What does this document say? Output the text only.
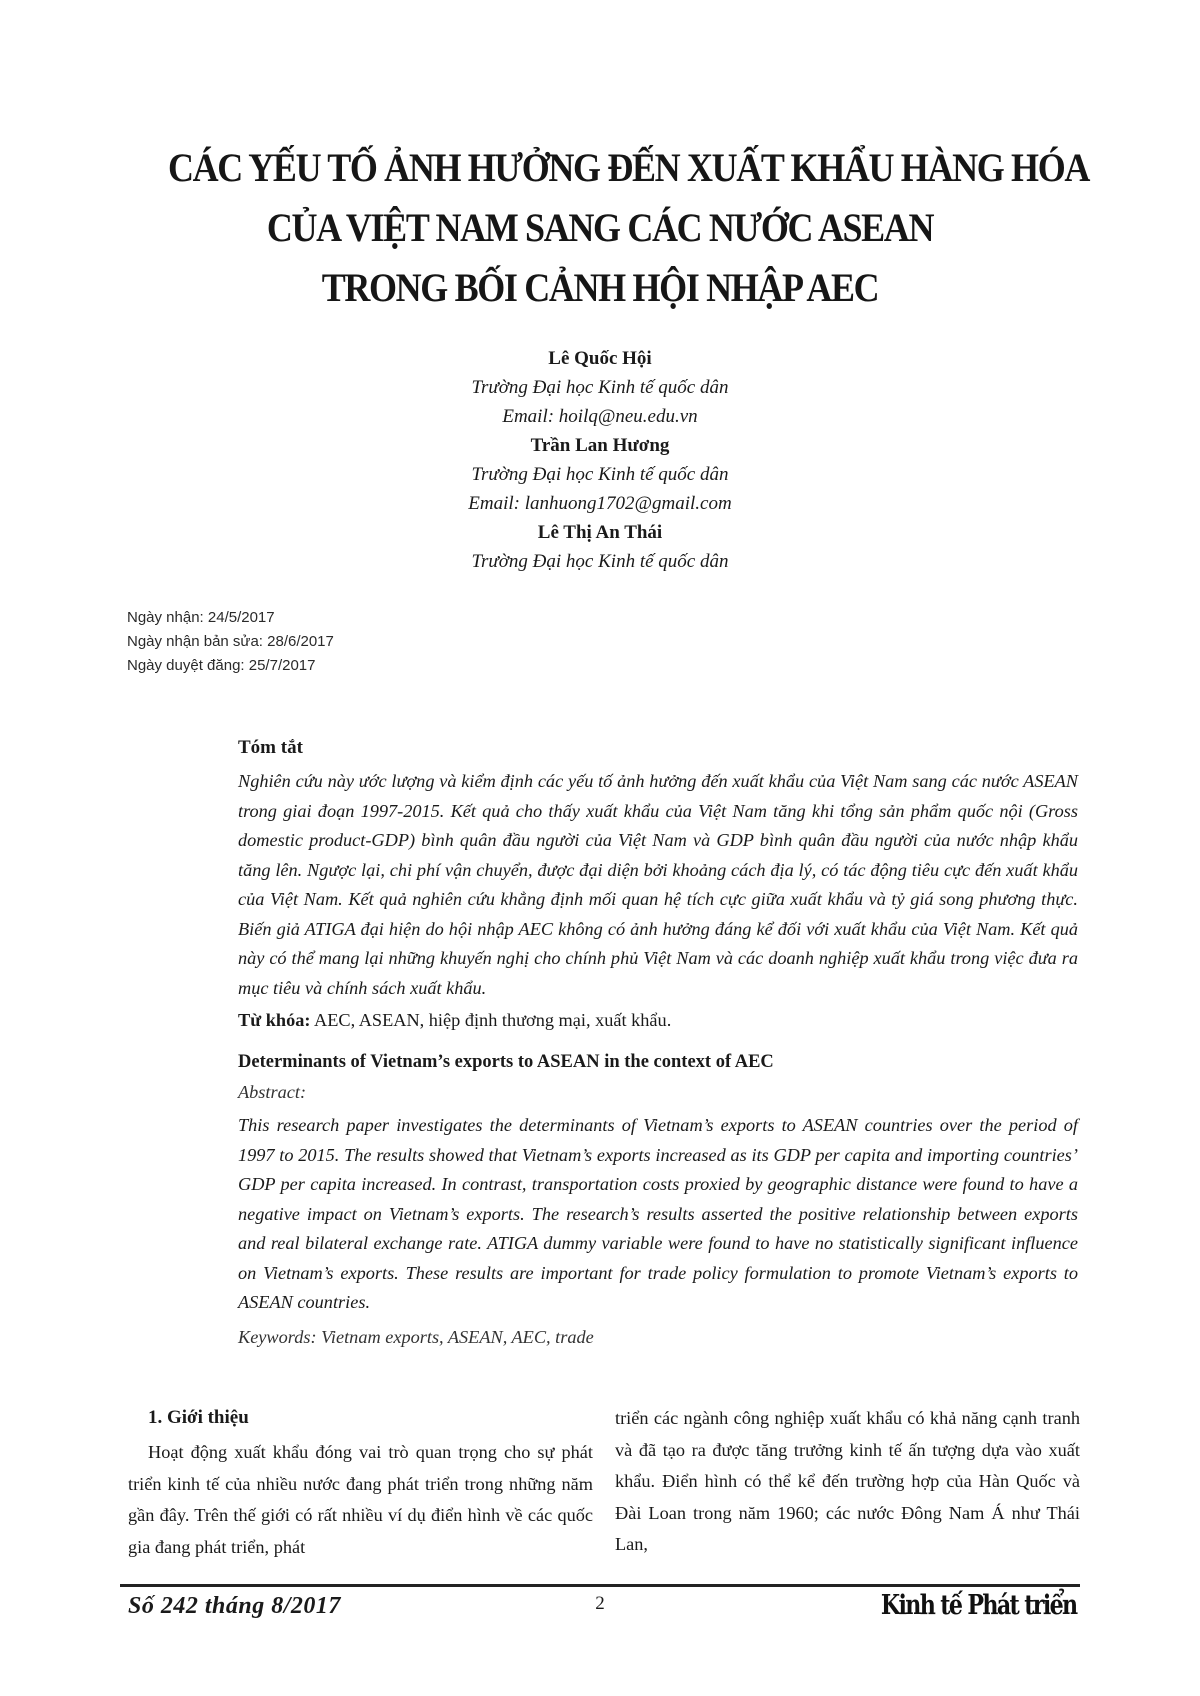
CÁC YẾU TỐ ẢNH HƯỞNG ĐẾN XUẤT KHẨU HÀNG HÓA
CỦA VIỆT NAM SANG CÁC NƯỚC ASEAN
TRONG BỐI CẢNH HỘI NHẬP AEC
Lê Quốc Hội
Trường Đại học Kinh tế quốc dân
Email: hoilq@neu.edu.vn
Trần Lan Hương
Trường Đại học Kinh tế quốc dân
Email: lanhuong1702@gmail.com
Lê Thị An Thái
Trường Đại học Kinh tế quốc dân
Ngày nhận: 24/5/2017
Ngày nhận bản sửa: 28/6/2017
Ngày duyệt đăng: 25/7/2017
Tóm tắt

Nghiên cứu này ước lượng và kiểm định các yếu tố ảnh hưởng đến xuất khẩu của Việt Nam sang các nước ASEAN trong giai đoạn 1997-2015. Kết quả cho thấy xuất khẩu của Việt Nam tăng khi tổng sản phẩm quốc nội (Gross domestic product-GDP) bình quân đầu người của Việt Nam và GDP bình quân đầu người của nước nhập khẩu tăng lên. Ngược lại, chi phí vận chuyển, được đại diện bởi khoảng cách địa lý, có tác động tiêu cực đến xuất khẩu của Việt Nam. Kết quả nghiên cứu khẳng định mối quan hệ tích cực giữa xuất khẩu và tỷ giá song phương thực. Biến giả ATIGA đại hiện do hội nhập AEC không có ảnh hưởng đáng kể đối với xuất khẩu của Việt Nam. Kết quả này có thể mang lại những khuyến nghị cho chính phủ Việt Nam và các doanh nghiệp xuất khẩu trong việc đưa ra mục tiêu và chính sách xuất khẩu.

Từ khóa: AEC, ASEAN, hiệp định thương mại, xuất khẩu.
Determinants of Vietnam’s exports to ASEAN in the context of AEC
Abstract:

This research paper investigates the determinants of Vietnam’s exports to ASEAN countries over the period of 1997 to 2015. The results showed that Vietnam’s exports increased as its GDP per capita and importing countries’ GDP per capita increased. In contrast, transportation costs proxied by geographic distance were found to have a negative impact on Vietnam’s exports. The research’s results asserted the positive relationship between exports and real bilateral exchange rate. ATIGA dummy variable were found to have no statistically significant influence on Vietnam’s exports. These results are important for trade policy formulation to promote Vietnam’s exports to ASEAN countries.

Keywords: Vietnam exports, ASEAN, AEC, trade
1. Giới thiệu

Hoạt động xuất khẩu đóng vai trò quan trọng cho sự phát triển kinh tế của nhiều nước đang phát triển trong những năm gần đây. Trên thế giới có rất nhiều ví dụ điển hình về các quốc gia đang phát triển, phát

triển các ngành công nghiệp xuất khẩu có khả năng cạnh tranh và đã tạo ra được tăng trưởng kinh tế ấn tượng dựa vào xuất khẩu. Điển hình có thể kể đến trường hợp của Hàn Quốc và Đài Loan trong năm 1960; các nước Đông Nam Á như Thái Lan,

Số 242 tháng 8/2017	2	Kinh tế Phát triển
